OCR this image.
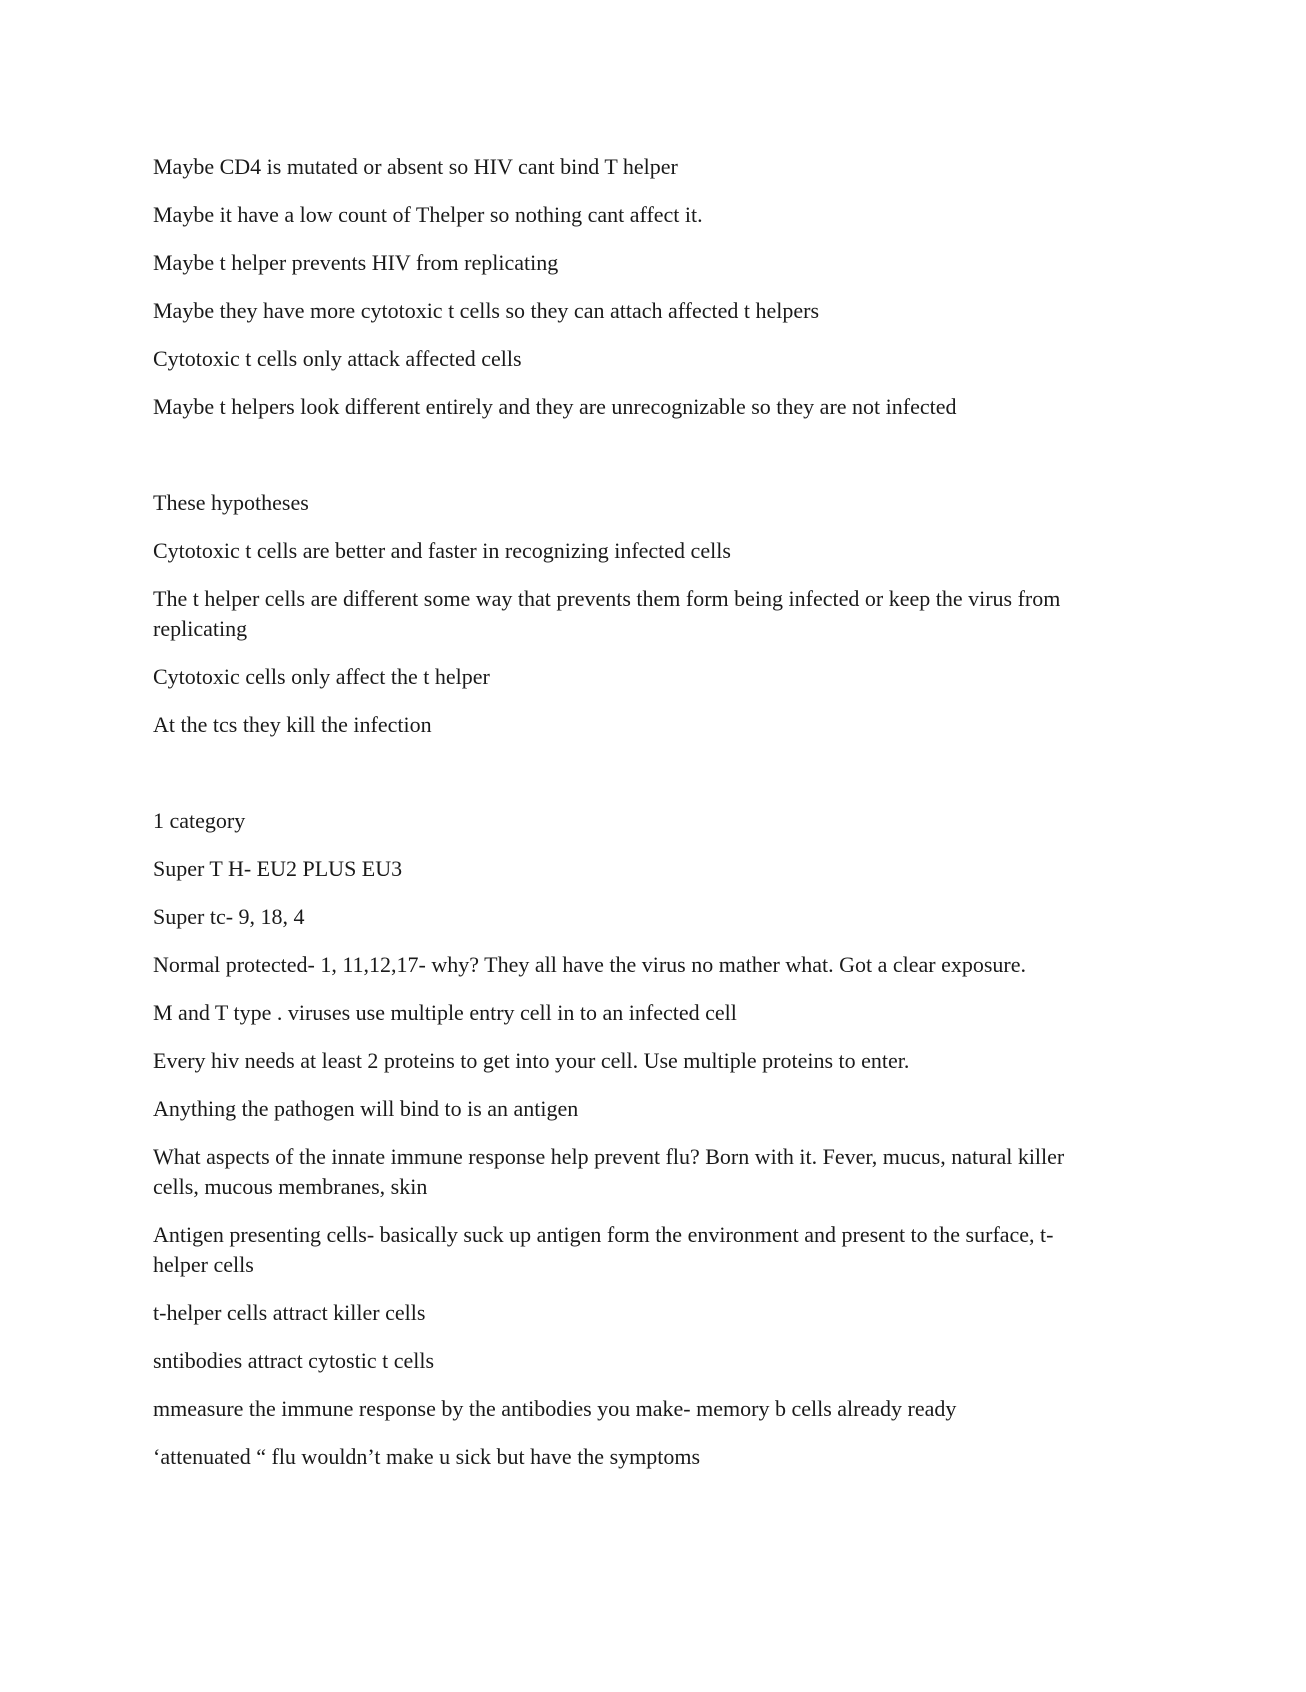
Maybe CD4 is mutated or absent so HIV cant bind T helper

Maybe it have a low count of Thelper so nothing cant affect it.

Maybe t helper prevents HIV from replicating

Maybe they have more cytotoxic t cells so they can attach affected t helpers

Cytotoxic t cells only attack affected cells

Maybe t helpers look different entirely and they are unrecognizable so they are not infected

These hypotheses

Cytotoxic t cells are better and faster in recognizing infected cells

The t helper cells are different some way that prevents them form being infected or keep the virus from replicating

Cytotoxic cells only affect the t helper

At the tcs they kill the infection

1 category

Super T H- EU2 PLUS EU3

Super tc- 9, 18, 4

Normal protected- 1, 11,12,17- why? They all have the virus no mather what. Got a clear exposure.

M and T type . viruses use multiple entry cell in to an infected cell

Every hiv needs at least 2 proteins to get into your cell. Use multiple proteins to enter.

Anything the pathogen will bind to is an antigen

What aspects of the innate immune response help prevent flu? Born with it. Fever, mucus, natural killer cells, mucous membranes, skin

Antigen presenting cells- basically suck up antigen form the environment and present to the surface, t-helper cells

t-helper cells attract killer cells

sntibodies attract cytostic t cells

mmeasure the immune response by the antibodies you make- memory b cells already ready

‘attenuated “ flu wouldn’t make u sick but have the symptoms
